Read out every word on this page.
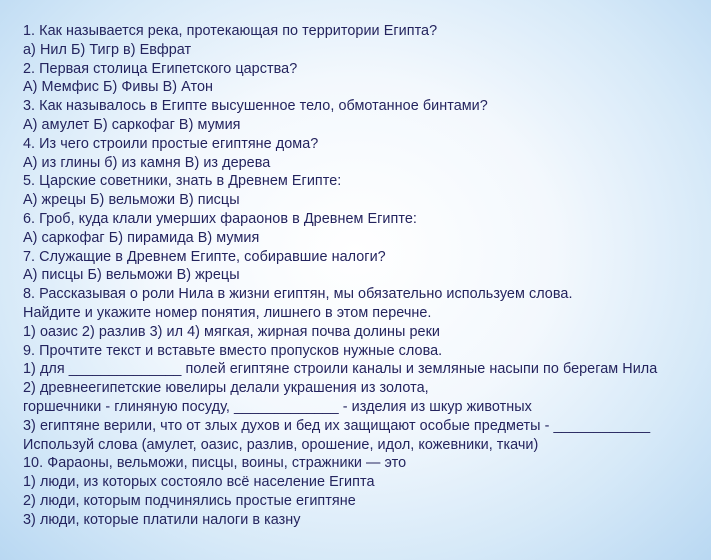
1. Как называется река, протекающая по территории Египта?
а) Нил Б) Тигр в) Евфрат
2. Первая столица Египетского царства?
А) Мемфис Б) Фивы В) Атон
3. Как называлось в Египте высушенное тело, обмотанное бинтами?
А) амулет Б) саркофаг В) мумия
4. Из чего строили простые египтяне дома?
А) из глины б) из камня В) из дерева
5. Царские советники, знать в Древнем Египте:
А) жрецы Б) вельможи В) писцы
6. Гроб, куда клали умерших фараонов в Древнем Египте:
А) саркофаг Б) пирамида В) мумия
7. Служащие в Древнем Египте, собиравшие налоги?
А) писцы Б) вельможи В) жрецы
8. Рассказывая о роли Нила в жизни египтян, мы обязательно используем слова.
Найдите и укажите номер понятия, лишнего в этом перечне.
1) оазис 2) разлив 3) ил 4) мягкая, жирная почва долины реки
9. Прочтите текст и вставьте вместо пропусков нужные слова.
1) для ______________ полей египтяне строили каналы и земляные насыпи по берегам Нила
2) древнеегипетские ювелиры делали украшения из золота,
горшечники - глиняную посуду, _____________ - изделия из шкур животных
3) египтяне верили, что от злых духов и бед их защищают особые предметы - ____________
Используй слова (амулет, оазис, разлив, орошение, идол, кожевники, ткачи)
10. Фараоны, вельможи, писцы, воины, стражники — это
1) люди, из которых состояло всё население Египта
2) люди, которым подчинялись простые египтяне
3) люди, которые платили налоги в казну
